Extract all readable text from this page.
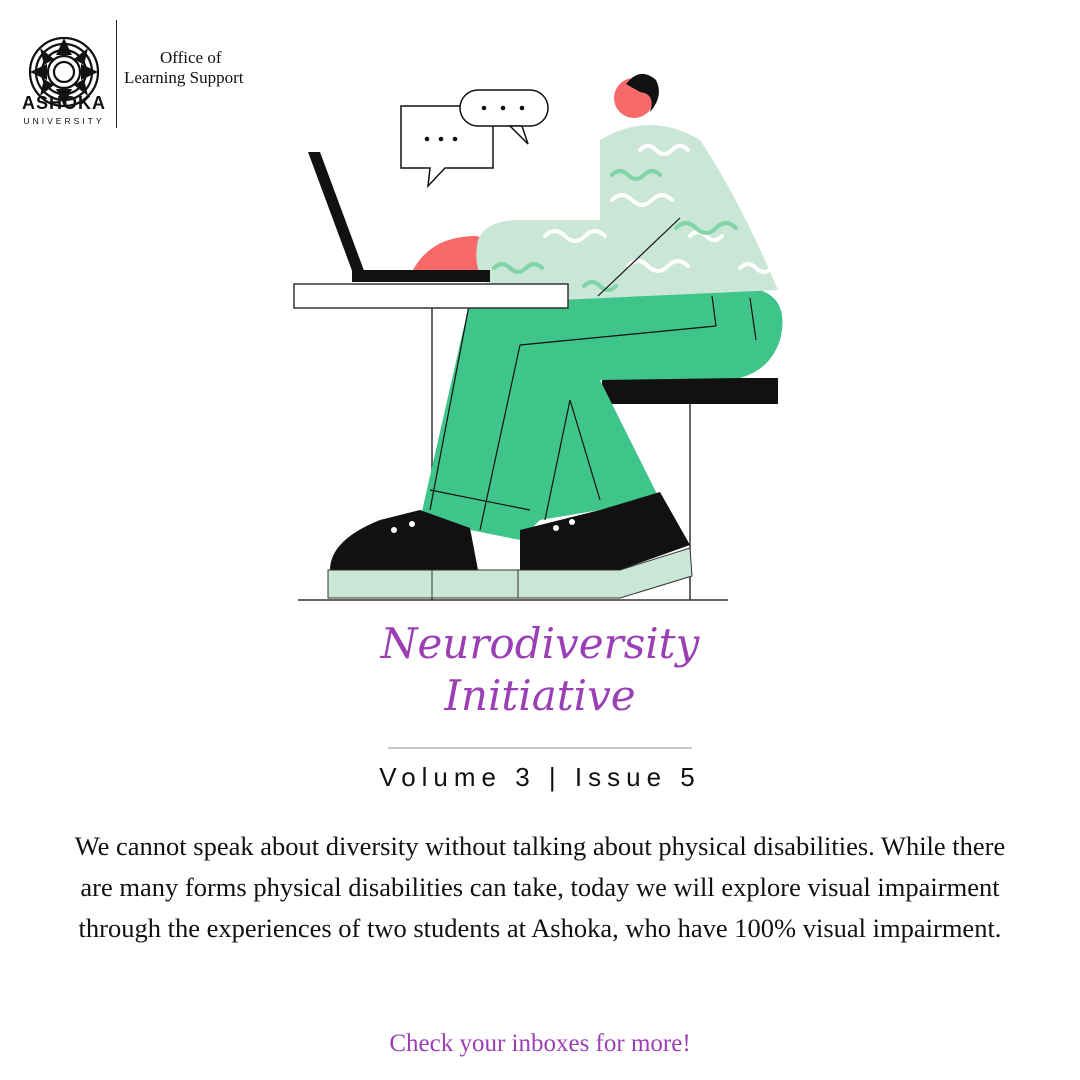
ASHOKA
UNIVERSITY
Office of
Learning Support
Neurodiversity
Initiative
Volume 3 | Issue 5
We cannot speak about diversity without talking about physical disabilities. While there are many forms physical disabilities can take, today we will explore visual impairment through the experiences of two students at Ashoka, who have 100% visual impairment.
Check your inboxes for more!
